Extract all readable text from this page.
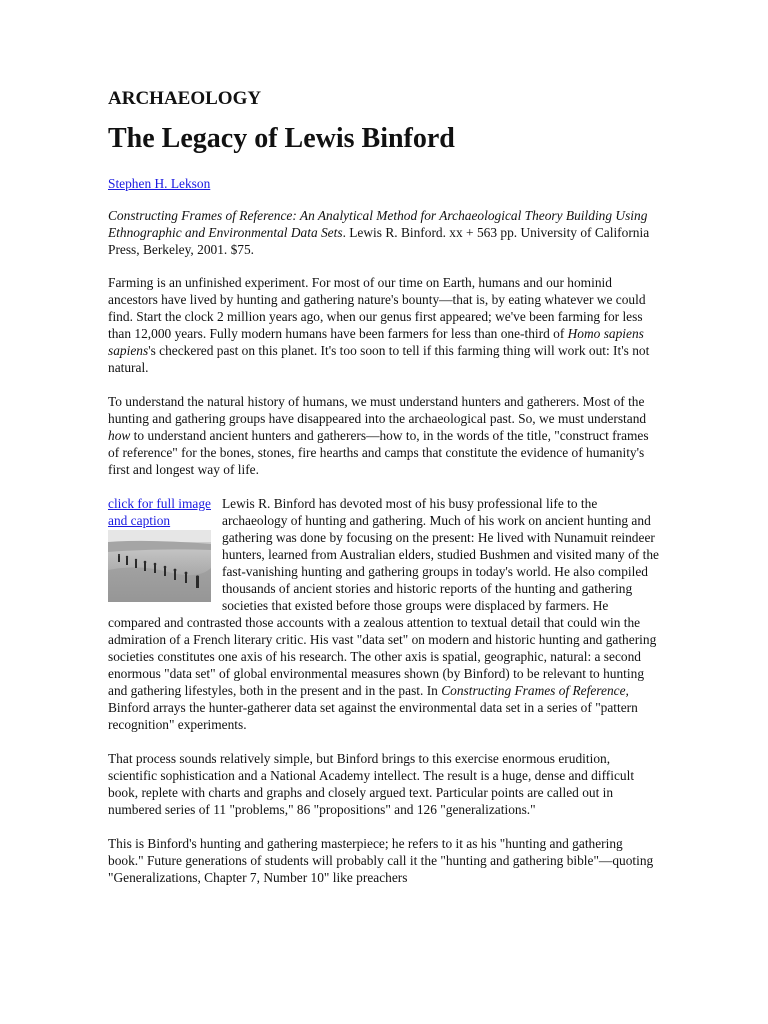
ARCHAEOLOGY
The Legacy of Lewis Binford
Stephen H. Lekson

Constructing Frames of Reference: An Analytical Method for Archaeological Theory Building Using Ethnographic and Environmental Data Sets. Lewis R. Binford. xx + 563 pp. University of California Press, Berkeley, 2001. $75.

Farming is an unfinished experiment. For most of our time on Earth, humans and our hominid ancestors have lived by hunting and gathering nature's bounty—that is, by eating whatever we could find. Start the clock 2 million years ago, when our genus first appeared; we've been farming for less than 12,000 years. Fully modern humans have been farmers for less than one-third of Homo sapiens sapiens's checkered past on this planet. It's too soon to tell if this farming thing will work out: It's not natural.

To understand the natural history of humans, we must understand hunters and gatherers. Most of the hunting and gathering groups have disappeared into the archaeological past. So, we must understand how to understand ancient hunters and gatherers—how to, in the words of the title, "construct frames of reference" for the bones, stones, fire hearths and camps that constitute the evidence of humanity's first and longest way of life.

click for full image and caption
Lewis R. Binford has devoted most of his busy professional life to the archaeology of hunting and gathering. Much of his work on ancient hunting and gathering was done by focusing on the present: He lived with Nunamuit reindeer hunters, learned from Australian elders, studied Bushmen and visited many of the fast-vanishing hunting and gathering groups in today's world. He also compiled thousands of ancient stories and historic reports of the hunting and gathering societies that existed before those groups were displaced by farmers. He compared and contrasted those accounts with a zealous attention to textual detail that could win the admiration of a French literary critic. His vast "data set" on modern and historic hunting and gathering societies constitutes one axis of his research. The other axis is spatial, geographic, natural: a second enormous "data set" of global environmental measures shown (by Binford) to be relevant to hunting and gathering lifestyles, both in the present and in the past. In Constructing Frames of Reference, Binford arrays the hunter-gatherer data set against the environmental data set in a series of "pattern recognition" experiments.

That process sounds relatively simple, but Binford brings to this exercise enormous erudition, scientific sophistication and a National Academy intellect. The result is a huge, dense and difficult book, replete with charts and graphs and closely argued text. Particular points are called out in numbered series of 11 "problems," 86 "propositions" and 126 "generalizations."

This is Binford's hunting and gathering masterpiece; he refers to it as his "hunting and gathering book." Future generations of students will probably call it the "hunting and gathering bible"—quoting "Generalizations, Chapter 7, Number 10" like preachers
